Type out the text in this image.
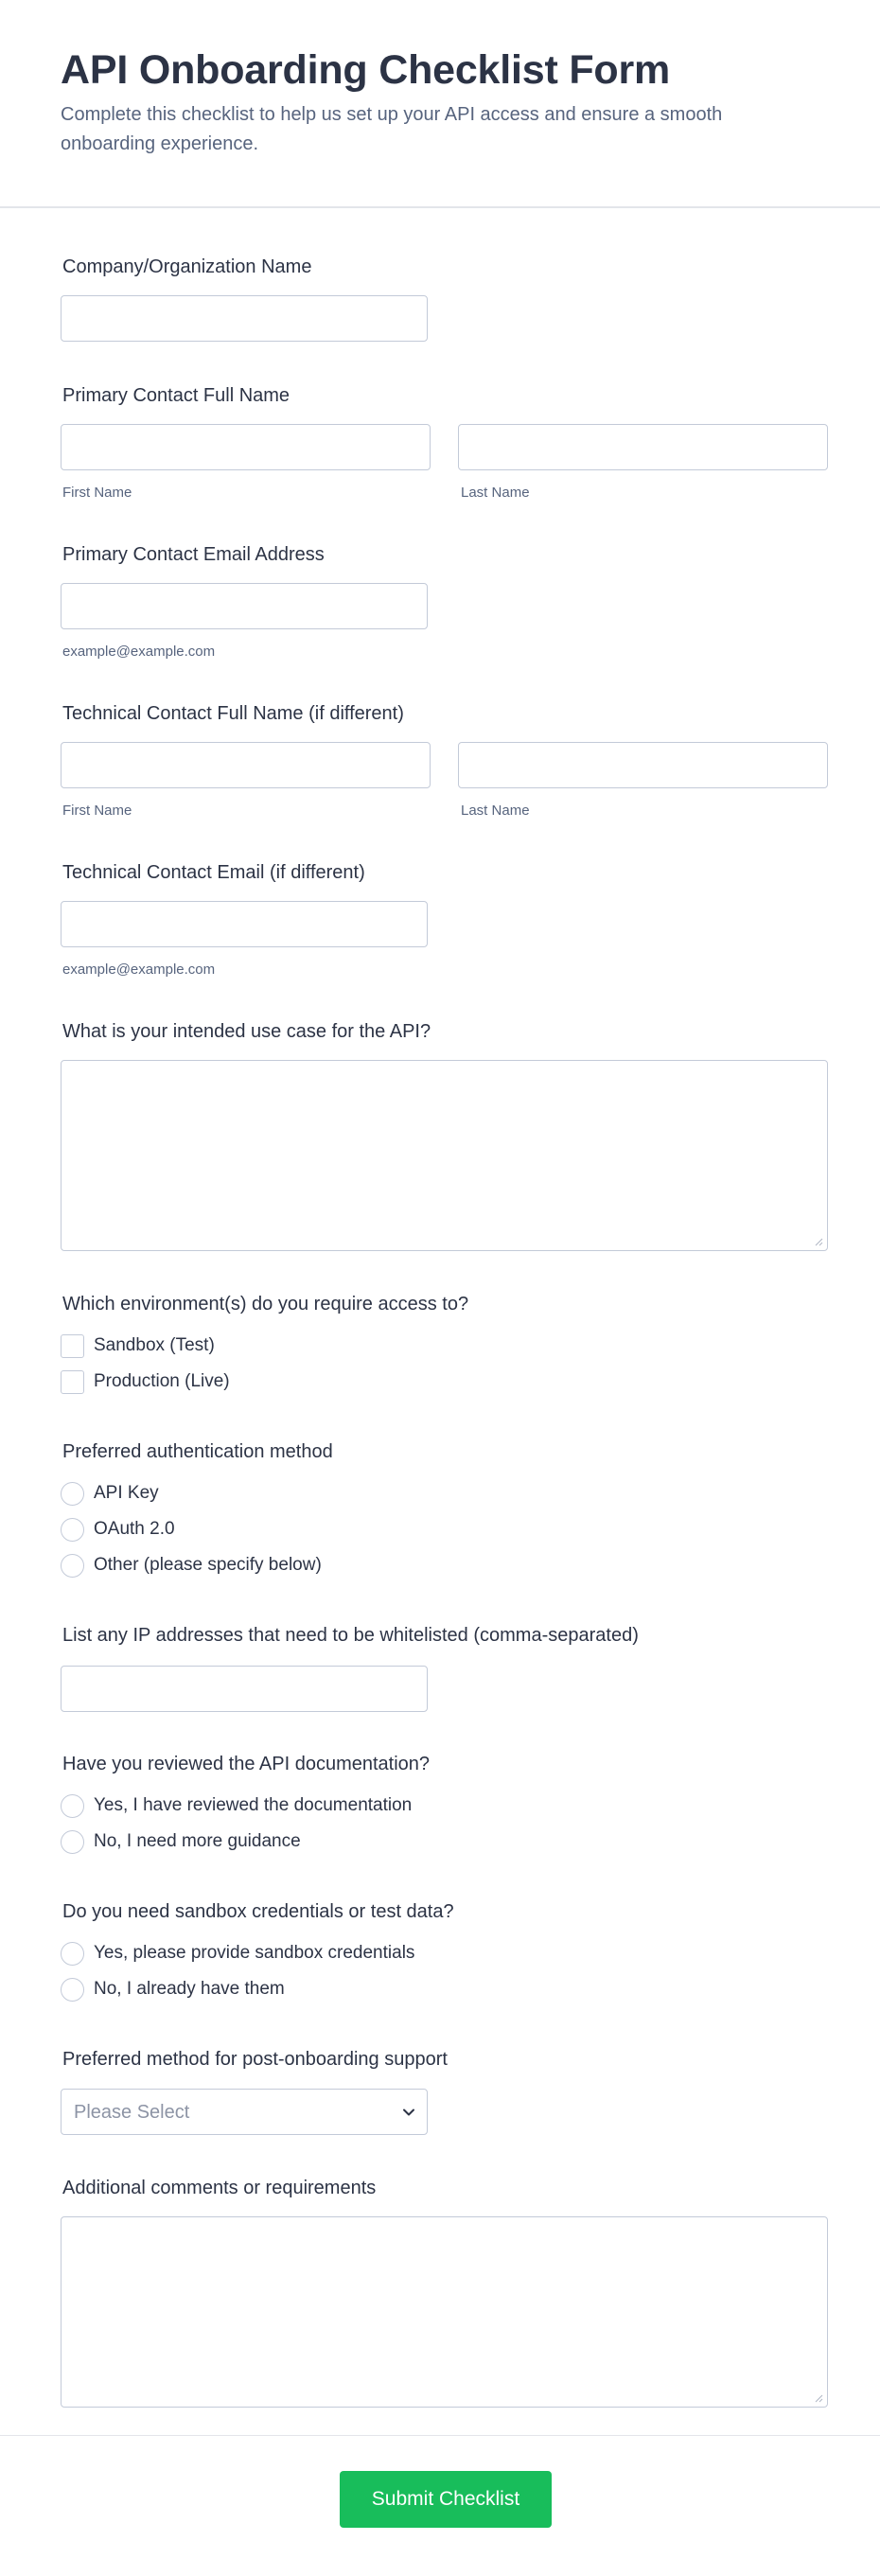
API Onboarding Checklist Form
Complete this checklist to help us set up your API access and ensure a smooth onboarding experience.
Company/Organization Name
Primary Contact Full Name
First Name	Last Name
Primary Contact Email Address
example@example.com
Technical Contact Full Name (if different)
First Name	Last Name
Technical Contact Email (if different)
example@example.com
What is your intended use case for the API?
Which environment(s) do you require access to?
Sandbox (Test)
Production (Live)
Preferred authentication method
API Key
OAuth 2.0
Other (please specify below)
List any IP addresses that need to be whitelisted (comma-separated)
Have you reviewed the API documentation?
Yes, I have reviewed the documentation
No, I need more guidance
Do you need sandbox credentials or test data?
Yes, please provide sandbox credentials
No, I already have them
Preferred method for post-onboarding support
Please Select
Additional comments or requirements
Submit Checklist
